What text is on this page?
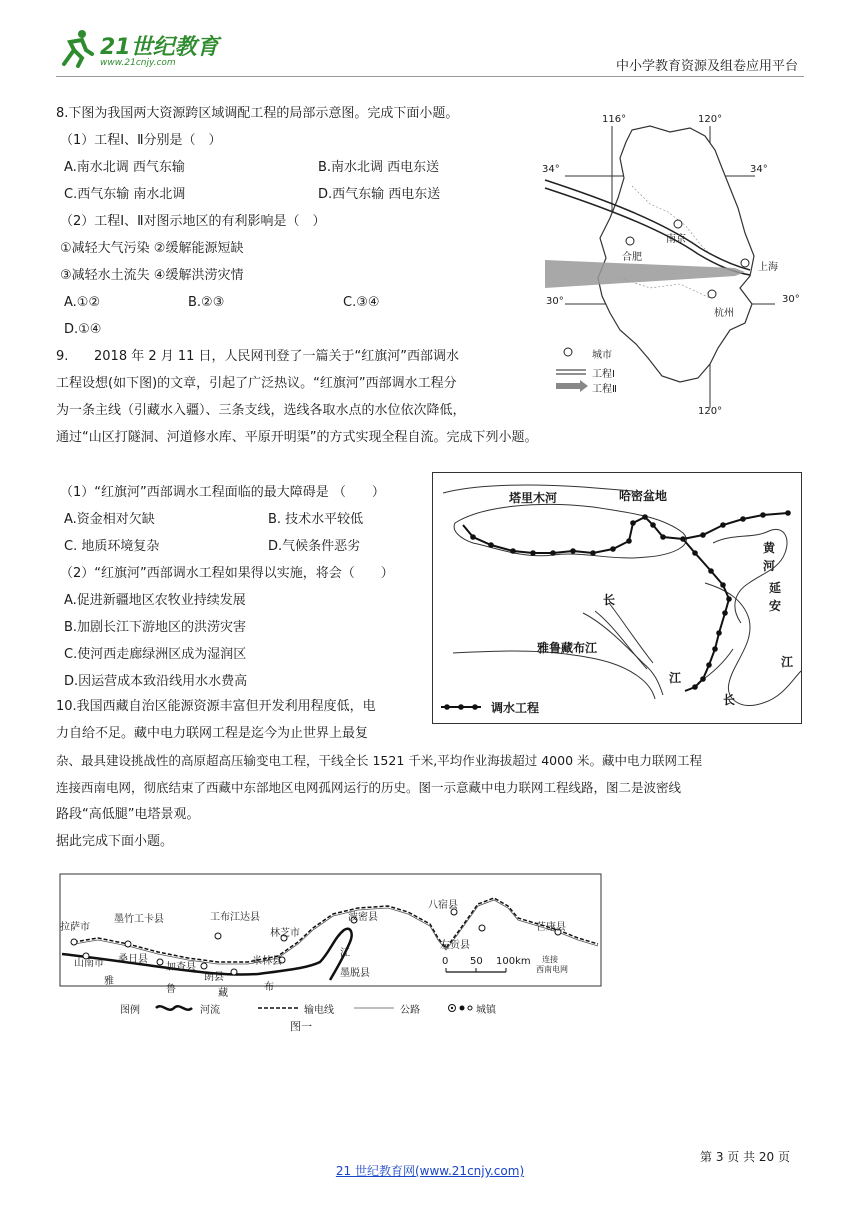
21世纪教育
www.21cnjy.com	中小学教育资源及组卷应用平台
8.下图为我国两大资源跨区域调配工程的局部示意图。完成下面小题。
（1）工程Ⅰ、Ⅱ分别是（　）
A.南水北调 西气东输	B.南水北调 西电东送
C.西气东输 南水北调	D.西气东输 西电东送
（2）工程Ⅰ、Ⅱ对图示地区的有利影响是（　）
①减轻大气污染 ②缓解能源短缺
③减轻水土流失 ④缓解洪涝灾情
A.①②	B.②③	C.③④
D.①④
116°	120°
120°
34°	34°
30°	30°
南京
合肥
上海
杭州
城市
工程Ⅰ
工程Ⅱ
9. 2018 年 2 月 11 日，人民网刊登了一篇关于“红旗河”西部调水
工程设想(如下图)的文章，引起了广泛热议。“红旗河”西部调水工程分
为一条主线（引藏水入疆）、三条支线，选线各取水点的水位依次降低，
通过“山区打隧洞、河道修水库、平原开明渠”的方式实现全程自流。完成下列小题。
（1）“红旗河”西部调水工程面临的最大障碍是 （　　）
A.资金相对欠缺	B. 技术水平较低
C. 地质环境复杂	D.气候条件恶劣
（2）“红旗河”西部调水工程如果得以实施，将会（　　）
A.促进新疆地区农牧业持续发展
B.加剧长江下游地区的洪涝灾害
C.使河西走廊绿洲区成为湿润区
D.因运营成本致沿线用水水费高
塔里木河	哈密盆地
黄
河
延
安
长
雅鲁藏布江
江
江
长
调水工程
10.我国西藏自治区能源资源丰富但开发利用程度低，电
力自给不足。藏中电力联网工程是迄今为止世界上最复
杂、最具建设挑战性的高原超高压输变电工程，干线全长 1521 千米,平均作业海拔超过 4000 米。藏中电力联网工程
连接西南电网，彻底结束了西藏中东部地区电网孤网运行的历史。图一示意藏中电力联网工程线路，图二是波密线
路段“高低腿”电塔景观。
据此完成下面小题。
拉萨市
墨竹工卡县	工布江达县
林芝市
波密县
八宿县
左贡县
芒康县
山南市 桑日县
加查县
朗县
米林县
墨脱县
雅
鲁	藏
布
江
连接
西南电网
0 50 100km
图例	河流	输电线	公路	城镇
图一
第 3 页 共 20 页
21 世纪教育网(www.21cnjy.com)
